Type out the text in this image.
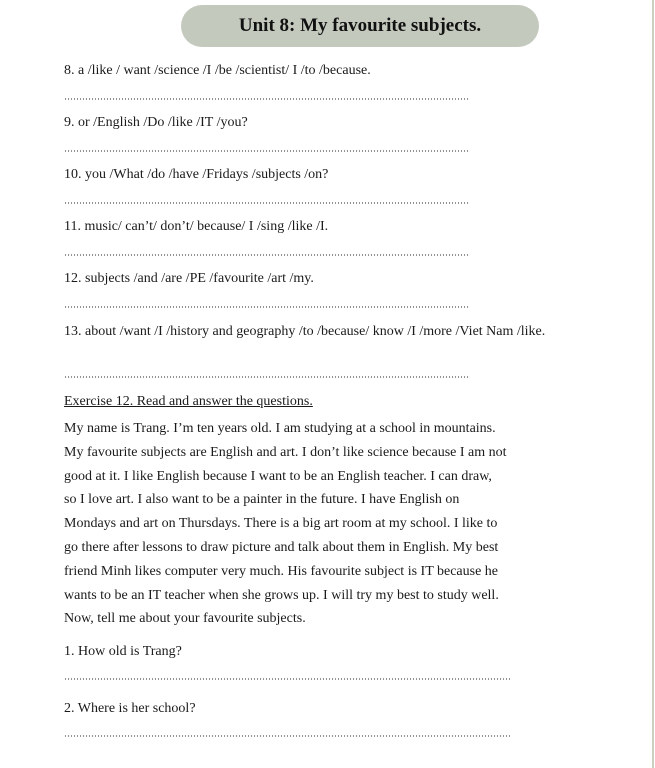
Unit 8: My favourite subjects.
8. a /like / want /science /I /be /scientist/ I /to /because.
9. or /English /Do /like /IT /you?
10. you /What /do /have /Fridays /subjects /on?
11. music/ can’t/ don’t/ because/ I /sing /like /I.
12. subjects /and /are /PE /favourite /art /my.
13. about /want /I /history and geography /to /because/ know /I /more /Viet Nam /like.
Exercise 12. Read and answer the questions.
My name is Trang. I’m ten years old. I am studying at a school in mountains.
My favourite subjects are English and art. I don’t like science because I am not
good at it. I like English because I want to be an English teacher. I can draw,
so I love art. I also want to be a painter in the future. I have English on
Mondays and art on Thursdays. There is a big art room at my school. I like to
go there after lessons to draw picture and talk about them in English. My best
friend Minh likes computer very much. His favourite subject is IT because he
wants to be an IT teacher when she grows up. I will try my best to study well.
Now, tell me about your favourite subjects.
1. How old is Trang?
2. Where is her school?
